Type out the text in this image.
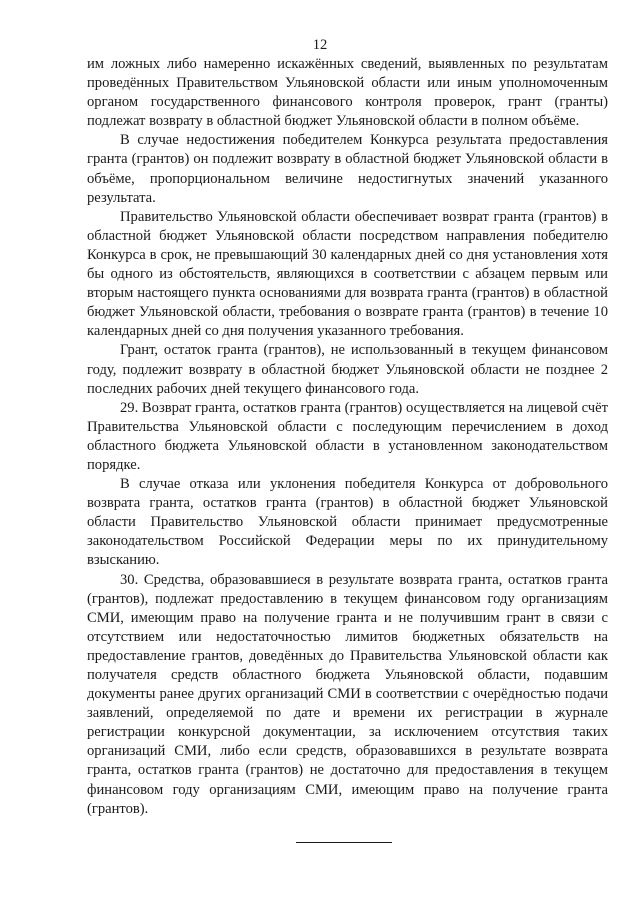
12

им ложных либо намеренно искажённых сведений, выявленных по результатам проведённых Правительством Ульяновской области или иным уполномоченным органом государственного финансового контроля проверок, грант (гранты) подлежат возврату в областной бюджет Ульяновской области в полном объёме.

В случае недостижения победителем Конкурса результата предоставления гранта (грантов) он подлежит возврату в областной бюджет Ульяновской области в объёме, пропорциональном величине недостигнутых значений указанного результата.

Правительство Ульяновской области обеспечивает возврат гранта (грантов) в областной бюджет Ульяновской области посредством направления победителю Конкурса в срок, не превышающий 30 календарных дней со дня установления хотя бы одного из обстоятельств, являющихся в соответствии с абзацем первым или вторым настоящего пункта основаниями для возврата гранта (грантов) в областной бюджет Ульяновской области, требования о возврате гранта (грантов) в течение 10 календарных дней со дня получения указанного требования.

Грант, остаток гранта (грантов), не использованный в текущем финансовом году, подлежит возврату в областной бюджет Ульяновской области не позднее 2 последних рабочих дней текущего финансового года.

29. Возврат гранта, остатков гранта (грантов) осуществляется на лицевой счёт Правительства Ульяновской области с последующим перечислением в доход областного бюджета Ульяновской области в установленном законодательством порядке.

В случае отказа или уклонения победителя Конкурса от добровольного возврата гранта, остатков гранта (грантов) в областной бюджет Ульяновской области Правительство Ульяновской области принимает предусмотренные законодательством Российской Федерации меры по их принудительному взысканию.

30. Средства, образовавшиеся в результате возврата гранта, остатков гранта (грантов), подлежат предоставлению в текущем финансовом году организациям СМИ, имеющим право на получение гранта и не получившим грант в связи с отсутствием или недостаточностью лимитов бюджетных обязательств на предоставление грантов, доведённых до Правительства Ульяновской области как получателя средств областного бюджета Ульяновской области, подавшим документы ранее других организаций СМИ в соответствии с очерёдностью подачи заявлений, определяемой по дате и времени их регистрации в журнале регистрации конкурсной документации, за исключением отсутствия таких организаций СМИ, либо если средств, образовавшихся в результате возврата гранта, остатков гранта (грантов) не достаточно для предоставления в текущем финансовом году организациям СМИ, имеющим право на получение гранта (грантов).
